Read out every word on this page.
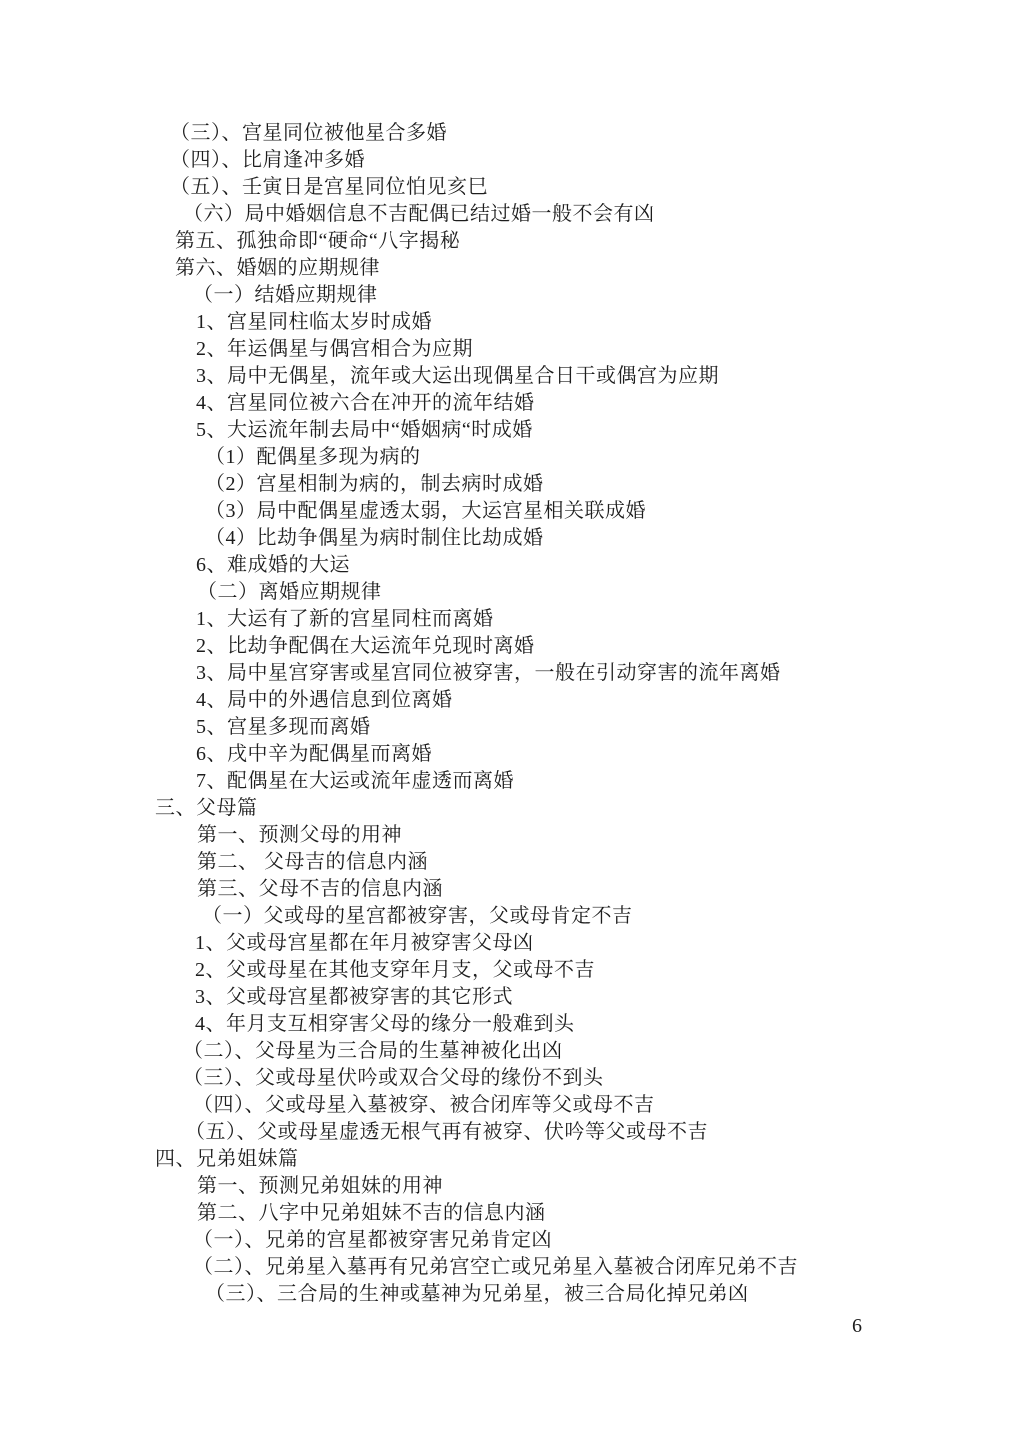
（三）、宫星同位被他星合多婚
（四）、比肩逢冲多婚
（五）、壬寅日是宫星同位怕见亥巳
（六）局中婚姻信息不吉配偶已结过婚一般不会有凶
第五、孤独命即“硬命“八字揭秘
第六、婚姻的应期规律
（一）结婚应期规律
1、宫星同柱临太岁时成婚
2、年运偶星与偶宫相合为应期
3、局中无偶星，流年或大运出现偶星合日干或偶宫为应期
4、宫星同位被六合在冲开的流年结婚
5、大运流年制去局中“婚姻病“时成婚
（1）配偶星多现为病的
（2）宫星相制为病的，制去病时成婚
（3）局中配偶星虚透太弱，大运宫星相关联成婚
（4）比劫争偶星为病时制住比劫成婚
6、难成婚的大运
（二）离婚应期规律
1、大运有了新的宫星同柱而离婚
2、比劫争配偶在大运流年兑现时离婚
3、局中星宫穿害或星宫同位被穿害，一般在引动穿害的流年离婚
4、局中的外遇信息到位离婚
5、宫星多现而离婚
6、戌中辛为配偶星而离婚
7、配偶星在大运或流年虚透而离婚
三、父母篇
第一、预测父母的用神
第二、 父母吉的信息内涵
第三、父母不吉的信息内涵
（一）父或母的星宫都被穿害，父或母肯定不吉
1、父或母宫星都在年月被穿害父母凶
2、父或母星在其他支穿年月支，父或母不吉
3、父或母宫星都被穿害的其它形式
4、年月支互相穿害父母的缘分一般难到头
（二）、父母星为三合局的生墓神被化出凶
（三）、父或母星伏吟或双合父母的缘份不到头
（四）、父或母星入墓被穿、被合闭库等父或母不吉
（五）、父或母星虚透无根气再有被穿、伏吟等父或母不吉
四、兄弟姐妹篇
第一、预测兄弟姐妹的用神
第二、八字中兄弟姐妹不吉的信息内涵
（一）、兄弟的宫星都被穿害兄弟肯定凶
（二）、兄弟星入墓再有兄弟宫空亡或兄弟星入墓被合闭库兄弟不吉
（三）、三合局的生神或墓神为兄弟星，被三合局化掉兄弟凶
6
